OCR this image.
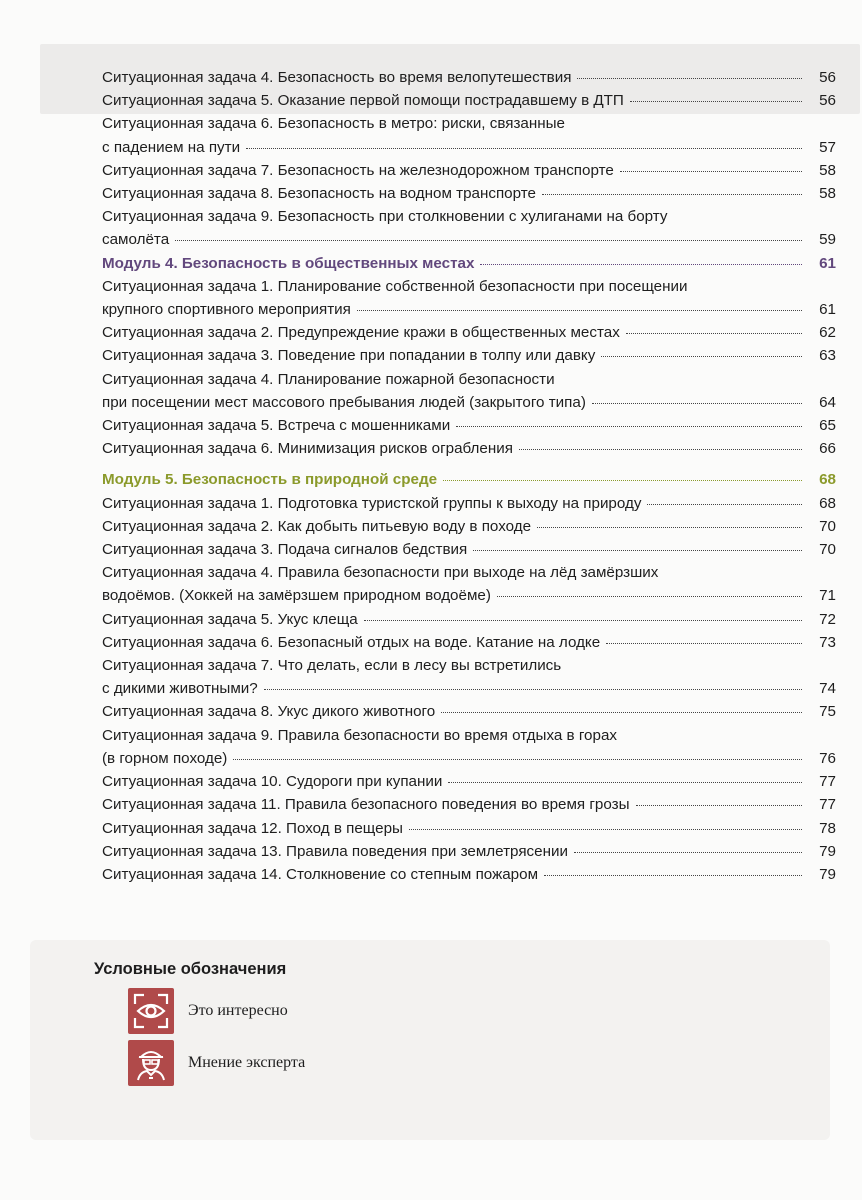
Ситуационная задача 4. Безопасность во время велопутешествия	56
Ситуационная задача 5. Оказание первой помощи пострадавшему в ДТП	56
Ситуационная задача 6. Безопасность в метро: риски, связанные
с падением на пути	57
Ситуационная задача 7. Безопасность на железнодорожном транспорте	58
Ситуационная задача 8. Безопасность на водном транспорте	58
Ситуационная задача 9. Безопасность при столкновении с хулиганами на борту
самолёта	59
Модуль 4. Безопасность в общественных местах	61
Ситуационная задача 1. Планирование собственной безопасности при посещении
крупного спортивного мероприятия	61
Ситуационная задача 2. Предупреждение кражи в общественных местах	62
Ситуационная задача 3. Поведение при попадании в толпу или давку	63
Ситуационная задача 4. Планирование пожарной безопасности
при посещении мест массового пребывания людей (закрытого типа)	64
Ситуационная задача 5. Встреча с мошенниками	65
Ситуационная задача 6. Минимизация рисков ограбления	66
Модуль 5. Безопасность в природной среде	68
Ситуационная задача 1. Подготовка туристской группы к выходу на природу	68
Ситуационная задача 2. Как добыть питьевую воду в походе	70
Ситуационная задача 3. Подача сигналов бедствия	70
Ситуационная задача 4. Правила безопасности при выходе на лёд замёрзших
водоёмов. (Хоккей на замёрзшем природном водоёме)	71
Ситуационная задача 5. Укус клеща	72
Ситуационная задача 6. Безопасный отдых на воде. Катание на лодке	73
Ситуационная задача 7. Что делать, если в лесу вы встретились
с дикими животными?	74
Ситуационная задача 8. Укус дикого животного	75
Ситуационная задача 9. Правила безопасности во время отдыха в горах
(в горном походе)	76
Ситуационная задача 10. Судороги при купании	77
Ситуационная задача 11. Правила безопасного поведения во время грозы	77
Ситуационная задача 12. Поход в пещеры	78
Ситуационная задача 13. Правила поведения при землетрясении	79
Ситуационная задача 14. Столкновение со степным пожаром	79
Условные обозначения
Это интересно
Мнение эксперта
